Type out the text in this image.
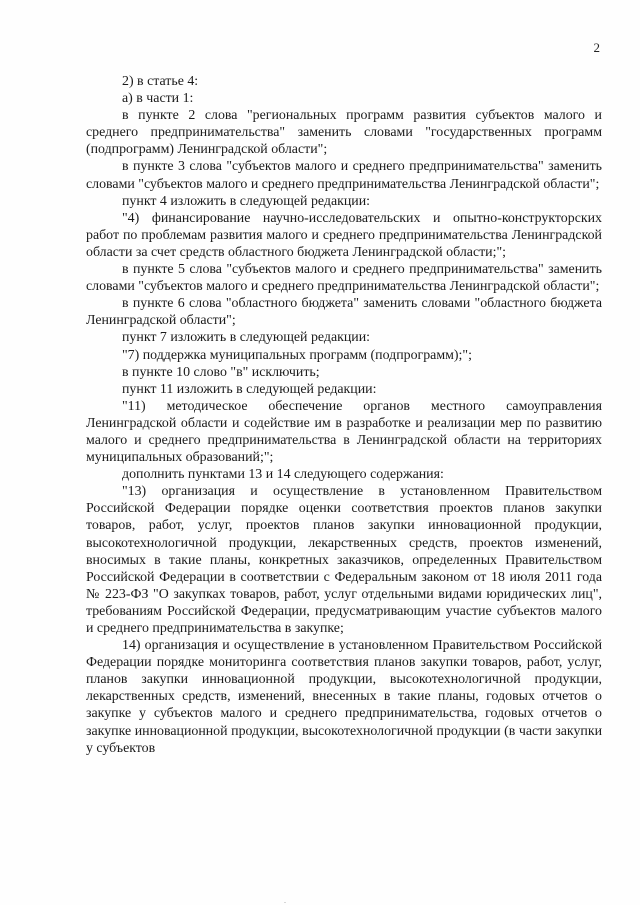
2

2) в статье 4:

а) в части 1:

в пункте 2 слова "региональных программ развития субъектов малого и среднего предпринимательства" заменить словами "государственных программ (подпрограмм) Ленинградской области";

в пункте 3 слова "субъектов малого и среднего предпринимательства" заменить словами "субъектов малого и среднего предпринимательства Ленинградской области";

пункт 4 изложить в следующей редакции:

"4) финансирование научно-исследовательских и опытно-конструкторских работ по проблемам развития малого и среднего предпринимательства Ленинградской области за счет средств областного бюджета Ленинградской области;";

в пункте 5 слова "субъектов малого и среднего предпринимательства" заменить словами "субъектов малого и среднего предпринимательства Ленинградской области";

в пункте 6 слова "областного бюджета" заменить словами "областного бюджета Ленинградской области";

пункт 7 изложить в следующей редакции:

"7) поддержка муниципальных программ (подпрограмм);";

в пункте 10 слово "в" исключить;

пункт 11 изложить в следующей редакции:

"11) методическое обеспечение органов местного самоуправления Ленинградской области и содействие им в разработке и реализации мер по развитию малого и среднего предпринимательства в Ленинградской области на территориях муниципальных образований;";

дополнить пунктами 13 и 14 следующего содержания:

"13) организация и осуществление в установленном Правительством Российской Федерации порядке оценки соответствия проектов планов закупки товаров, работ, услуг, проектов планов закупки инновационной продукции, высокотехнологичной продукции, лекарственных средств, проектов изменений, вносимых в такие планы, конкретных заказчиков, определенных Правительством Российской Федерации в соответствии с Федеральным законом от 18 июля 2011 года № 223-ФЗ "О закупках товаров, работ, услуг отдельными видами юридических лиц", требованиям Российской Федерации, предусматривающим участие субъектов малого и среднего предпринимательства в закупке;

14) организация и осуществление в установленном Правительством Российской Федерации порядке мониторинга соответствия планов закупки товаров, работ, услуг, планов закупки инновационной продукции, высокотехнологичной продукции, лекарственных средств, изменений, внесенных в такие планы, годовых отчетов о закупке у субъектов малого и среднего предпринимательства, годовых отчетов о закупке инновационной продукции, высокотехнологичной продукции (в части закупки у субъектов

.
